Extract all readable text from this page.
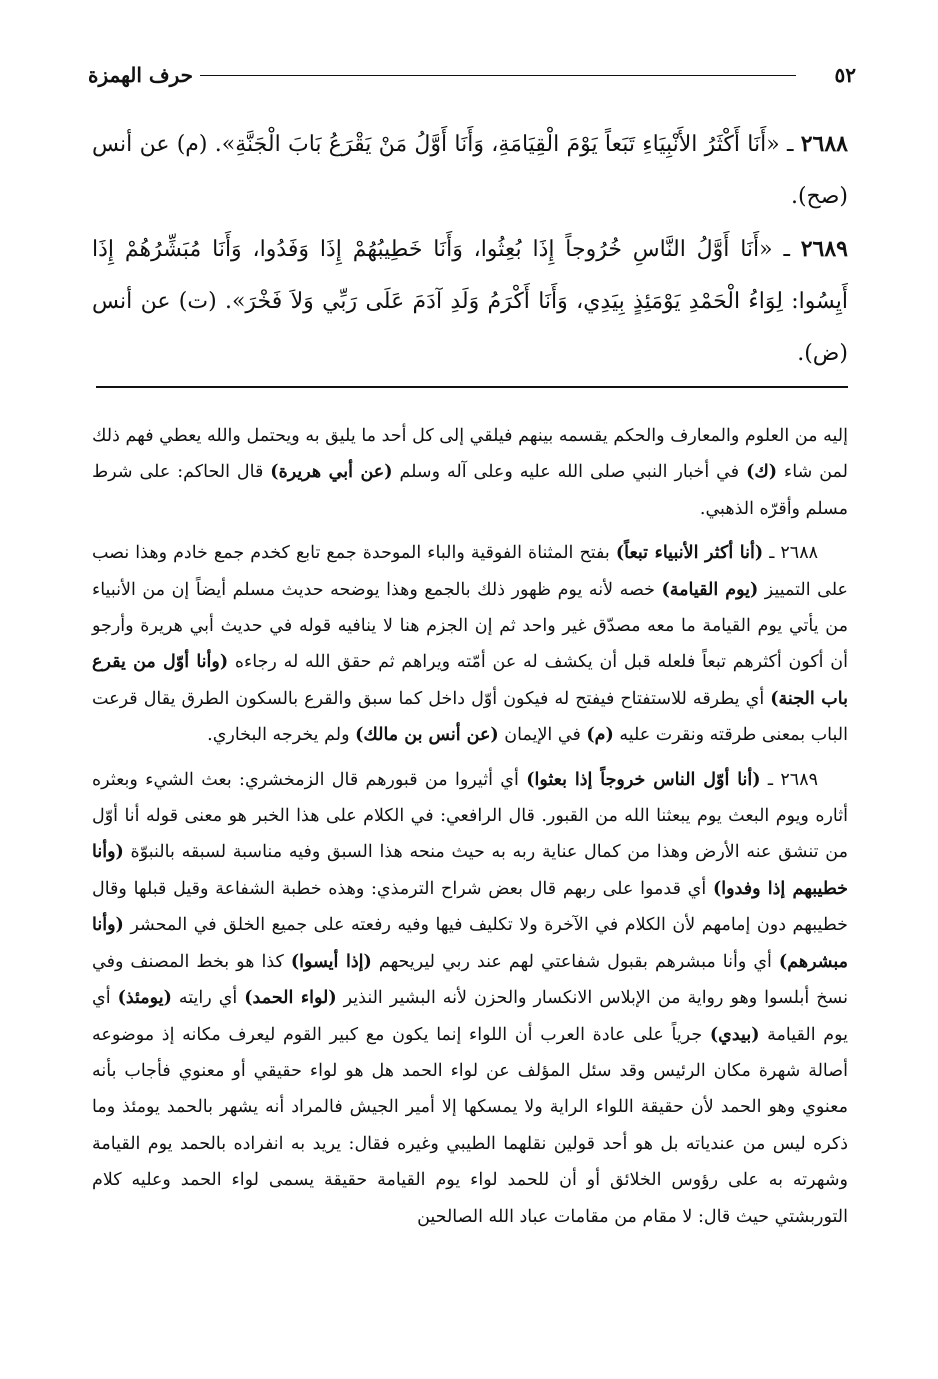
٥٢
حرف الهمزة

٢٦٨٨ ـ «أَنَا أَكْثَرُ الأَنْبِيَاءِ تَبَعاً يَوْمَ الْقِيَامَةِ، وَأَنَا أَوَّلُ مَنْ يَقْرَعُ بَابَ الْجَنَّةِ». (م) عن أنس (صح).

٢٦٨٩ ـ «أَنَا أَوَّلُ النَّاسِ خُرُوجاً إِذَا بُعِثُوا، وَأَنَا خَطِيبُهُمْ إِذَا وَفَدُوا، وَأَنَا مُبَشِّرُهُمْ إِذَا أَيِسُوا: لِوَاءُ الْحَمْدِ يَوْمَئِذٍ بِيَدِي، وَأَنَا أَكْرَمُ وَلَدِ آدَمَ عَلَى رَبِّي وَلاَ فَخْرَ». (ت) عن أنس (ض).

إليه من العلوم والمعارف والحكم يقسمه بينهم فيلقي إلى كل أحد ما يليق به ويحتمل والله يعطي فهم ذلك لمن شاء (ك) في أخبار النبي صلى الله عليه وعلى آله وسلم (عن أبي هريرة) قال الحاكم: على شرط مسلم وأقرّه الذهبي.

٢٦٨٨ ـ (أنا أكثر الأنبياء تبعاً) بفتح المثناة الفوقية والباء الموحدة جمع تابع كخدم جمع خادم وهذا نصب على التمييز (يوم القيامة) خصه لأنه يوم ظهور ذلك بالجمع وهذا يوضحه حديث مسلم أيضاً إن من الأنبياء من يأتي يوم القيامة ما معه مصدّق غير واحد ثم إن الجزم هنا لا ينافيه قوله في حديث أبي هريرة وأرجو أن أكون أكثرهم تبعاً فلعله قبل أن يكشف له عن أمّته ويراهم ثم حقق الله له رجاءه (وأنا أوّل من يقرع باب الجنة) أي يطرقه للاستفتاح فيفتح له فيكون أوّل داخل كما سبق والقرع بالسكون الطرق يقال قرعت الباب بمعنى طرقته ونقرت عليه (م) في الإيمان (عن أنس بن مالك) ولم يخرجه البخاري.

٢٦٨٩ ـ (أنا أوّل الناس خروجاً إذا بعثوا) أي أثيروا من قبورهم قال الزمخشري: بعث الشيء وبعثره أثاره ويوم البعث يوم يبعثنا الله من القبور. قال الرافعي: في الكلام على هذا الخبر هو معنى قوله أنا أوّل من تنشق عنه الأرض وهذا من كمال عناية ربه به حيث منحه هذا السبق وفيه مناسبة لسبقه بالنبوّة (وأنا خطيبهم إذا وفدوا) أي قدموا على ربهم قال بعض شراح الترمذي: وهذه خطبة الشفاعة وقيل قبلها وقال خطيبهم دون إمامهم لأن الكلام في الآخرة ولا تكليف فيها وفيه رفعته على جميع الخلق في المحشر (وأنا مبشرهم) أي وأنا مبشرهم بقبول شفاعتي لهم عند ربي ليريحهم (إذا أيسوا) كذا هو بخط المصنف وفي نسخ أبلسوا وهو رواية من الإبلاس الانكسار والحزن لأنه البشير النذير (لواء الحمد) أي رايته (يومئذ) أي يوم القيامة (بيدي) جرياً على عادة العرب أن اللواء إنما يكون مع كبير القوم ليعرف مكانه إذ موضوعه أصالة شهرة مكان الرئيس وقد سئل المؤلف عن لواء الحمد هل هو لواء حقيقي أو معنوي فأجاب بأنه معنوي وهو الحمد لأن حقيقة اللواء الراية ولا يمسكها إلا أمير الجيش فالمراد أنه يشهر بالحمد يومئذ وما ذكره ليس من عندياته بل هو أحد قولين نقلهما الطيبي وغيره فقال: يريد به انفراده بالحمد يوم القيامة وشهرته به على رؤوس الخلائق أو أن للحمد لواء يوم القيامة حقيقة يسمى لواء الحمد وعليه كلام التوربشتي حيث قال: لا مقام من مقامات عباد الله الصالحين
